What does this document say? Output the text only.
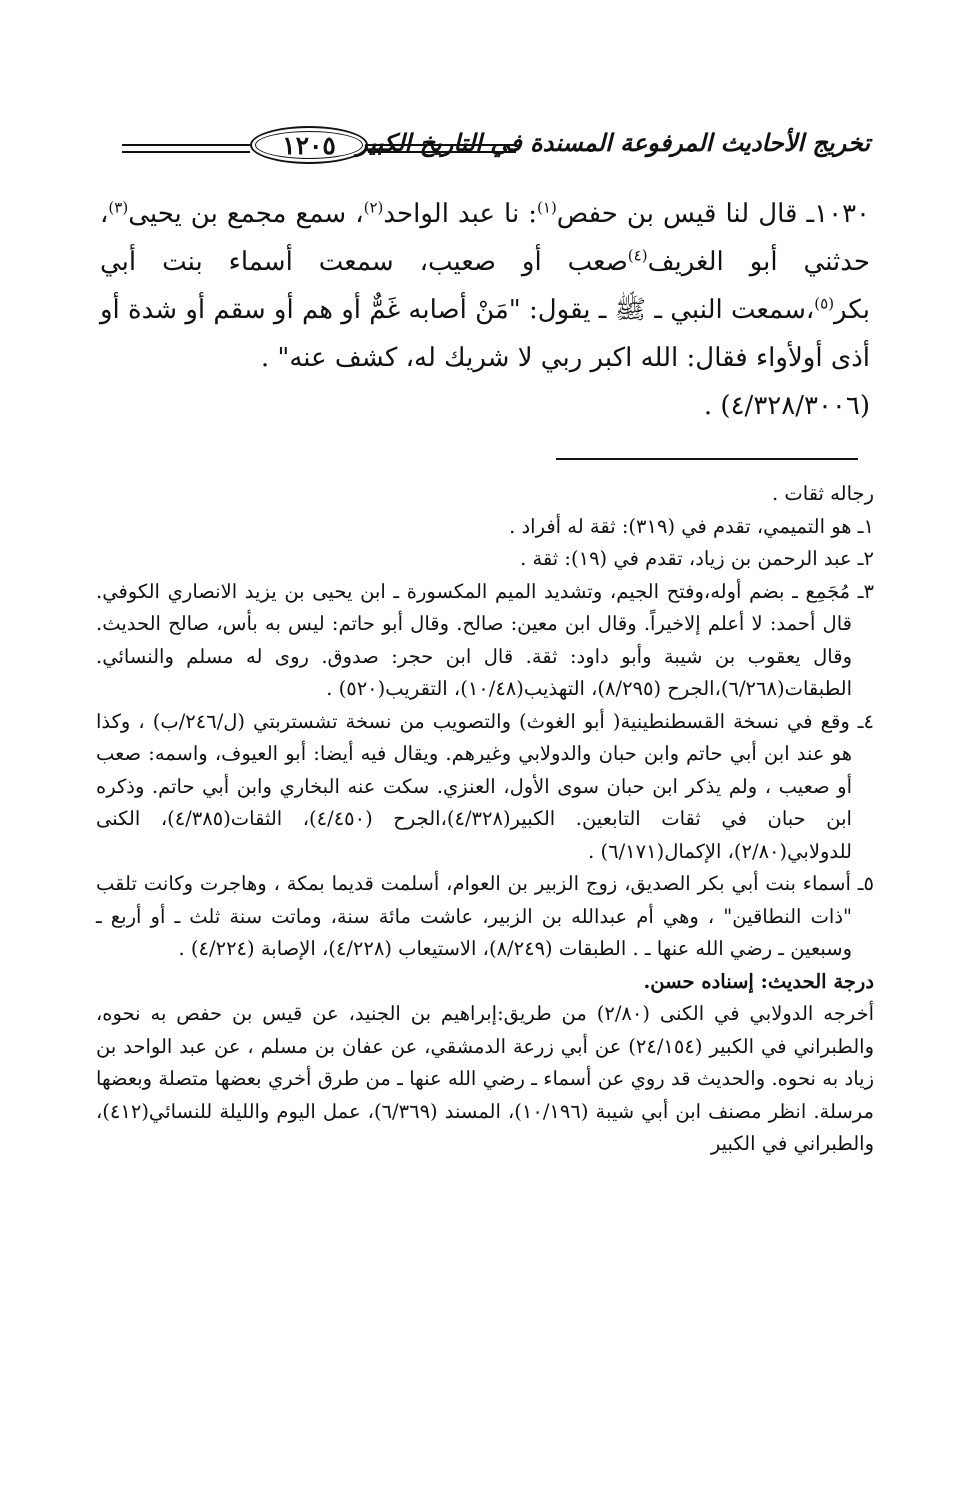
١٢٠٥ تخريج الأحاديث المرفوعة المسندة في التاريخ الكبير

١٠٣٠ـ قال لنا قيس بن حفص$^{(١)}$: نا عبد الواحد$^{(٢)}$، سمع مجمع بن يحيى$^{(٣)}$، حدثني أبو الغريف$^{(٤)}$صعب أو صعيب، سمعت أسماء بنت أبي بكر$^{(٥)}$،سمعت النبي ـ ﷺ ـ يقول: "مَنْ أصابه غَمٌّ أو هم أو سقم أو شدة أو أذى أولأواء فقال: الله اكبر ربي لا شريك له، كشف عنه" .

(٤/٣٢٨/٣٠٠٦) .

رجاله ثقات .

١ـ هو التميمي، تقدم في (٣١٩): ثقة له أفراد .

٢ـ عبد الرحمن بن زياد، تقدم في (١٩): ثقة .

٣ـ مُجَمِع ـ بضم أوله،وفتح الجيم، وتشديد الميم المكسورة ـ ابن يحيى بن يزيد الانصاري الكوفي. قال أحمد: لا أعلم إلاخيراً. وقال ابن معين: صالح. وقال أبو حاتم: ليس به بأس، صالح الحديث. وقال يعقوب بن شيبة وأبو داود: ثقة. قال ابن حجر: صدوق. روى له مسلم والنسائي. الطبقات(٦/٢٦٨)،الجرح (٨/٢٩٥)، التهذيب(١٠/٤٨)، التقريب(٥٢٠) .

٤ـ وقع في نسخة القسطنطينية( أبو الغوث) والتصويب من نسخة تشستربتي (ل/٢٤٦/ب) ، وكذا هو عند ابن أبي حاتم وابن حبان والدولابي وغيرهم. ويقال فيه أيضا: أبو العيوف، واسمه: صعب أو صعيب ، ولم يذكر ابن حبان سوى الأول، العنزي. سكت عنه البخاري وابن أبي حاتم. وذكره ابن حبان في ثقات التابعين. الكبير(٤/٣٢٨)،الجرح (٤/٤٥٠)، الثقات(٤/٣٨٥)، الكنى للدولابي(٢/٨٠)، الإكمال(٦/١٧١) .

٥ـ أسماء بنت أبي بكر الصديق، زوج الزبير بن العوام، أسلمت قديما بمكة ، وهاجرت وكانت تلقب "ذات النطاقين" ، وهي أم عبدالله بن الزبير، عاشت مائة سنة، وماتت سنة ثلث ـ أو أربع ـ وسبعين ـ رضي الله عنها ـ . الطبقات (٨/٢٤٩)، الاستيعاب (٤/٢٢٨)، الإصابة (٤/٢٢٤) .

درجة الحديث: إسناده حسن.

أخرجه الدولابي في الكنى (٢/٨٠) من طريق:إبراهيم بن الجنيد، عن قيس بن حفص به نحوه، والطبراني في الكبير (٢٤/١٥٤) عن أبي زرعة الدمشقي، عن عفان بن مسلم ، عن عبد الواحد بن زياد به نحوه. والحديث قد روي عن أسماء ـ رضي الله عنها ـ من طرق أخري بعضها متصلة وبعضها مرسلة. انظر مصنف ابن أبي شيبة (١٠/١٩٦)، المسند (٦/٣٦٩)، عمل اليوم والليلة للنسائي(٤١٢)، والطبراني في الكبير
